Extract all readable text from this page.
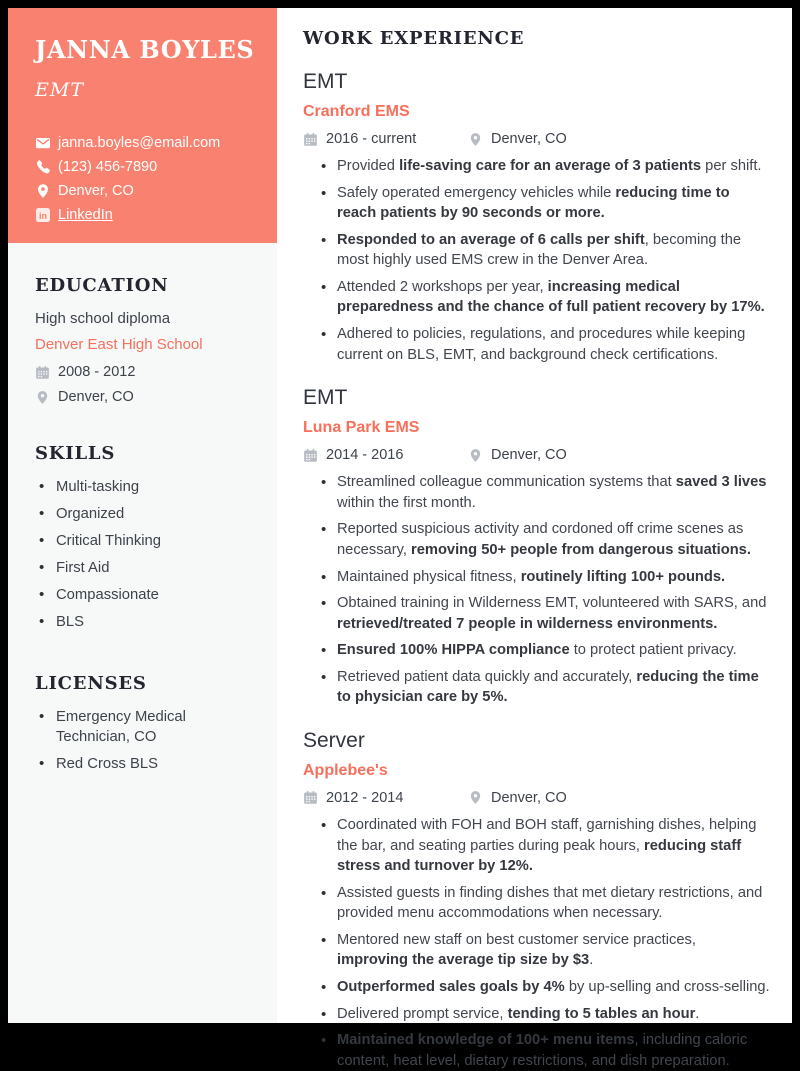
JANNA BOYLES
EMT
janna.boyles@email.com
(123) 456-7890
Denver, CO
in LinkedIn
EDUCATION
High school diploma
Denver East High School
2008 - 2012
Denver, CO
SKILLS
• Multi-tasking
• Organized
• Critical Thinking
• First Aid
• Compassionate
• BLS
LICENSES
• Emergency Medical Technician, CO
• Red Cross BLS
WORK EXPERIENCE
EMT
Cranford EMS
2016 - current	Denver, CO
• Provided life-saving care for an average of 3 patients per shift.
• Safely operated emergency vehicles while reducing time to reach patients by 90 seconds or more.
• Responded to an average of 6 calls per shift, becoming the most highly used EMS crew in the Denver Area.
• Attended 2 workshops per year, increasing medical preparedness and the chance of full patient recovery by 17%.
• Adhered to policies, regulations, and procedures while keeping current on BLS, EMT, and background check certifications.
EMT
Luna Park EMS
2014 - 2016	Denver, CO
• Streamlined colleague communication systems that saved 3 lives within the first month.
• Reported suspicious activity and cordoned off crime scenes as necessary, removing 50+ people from dangerous situations.
• Maintained physical fitness, routinely lifting 100+ pounds.
• Obtained training in Wilderness EMT, volunteered with SARS, and retrieved/treated 7 people in wilderness environments.
• Ensured 100% HIPPA compliance to protect patient privacy.
• Retrieved patient data quickly and accurately, reducing the time to physician care by 5%.
Server
Applebee's
2012 - 2014	Denver, CO
• Coordinated with FOH and BOH staff, garnishing dishes, helping the bar, and seating parties during peak hours, reducing staff stress and turnover by 12%.
• Assisted guests in finding dishes that met dietary restrictions, and provided menu accommodations when necessary.
• Mentored new staff on best customer service practices, improving the average tip size by $3.
• Outperformed sales goals by 4% by up-selling and cross-selling.
• Delivered prompt service, tending to 5 tables an hour.
• Maintained knowledge of 100+ menu items, including caloric content, heat level, dietary restrictions, and dish preparation.
